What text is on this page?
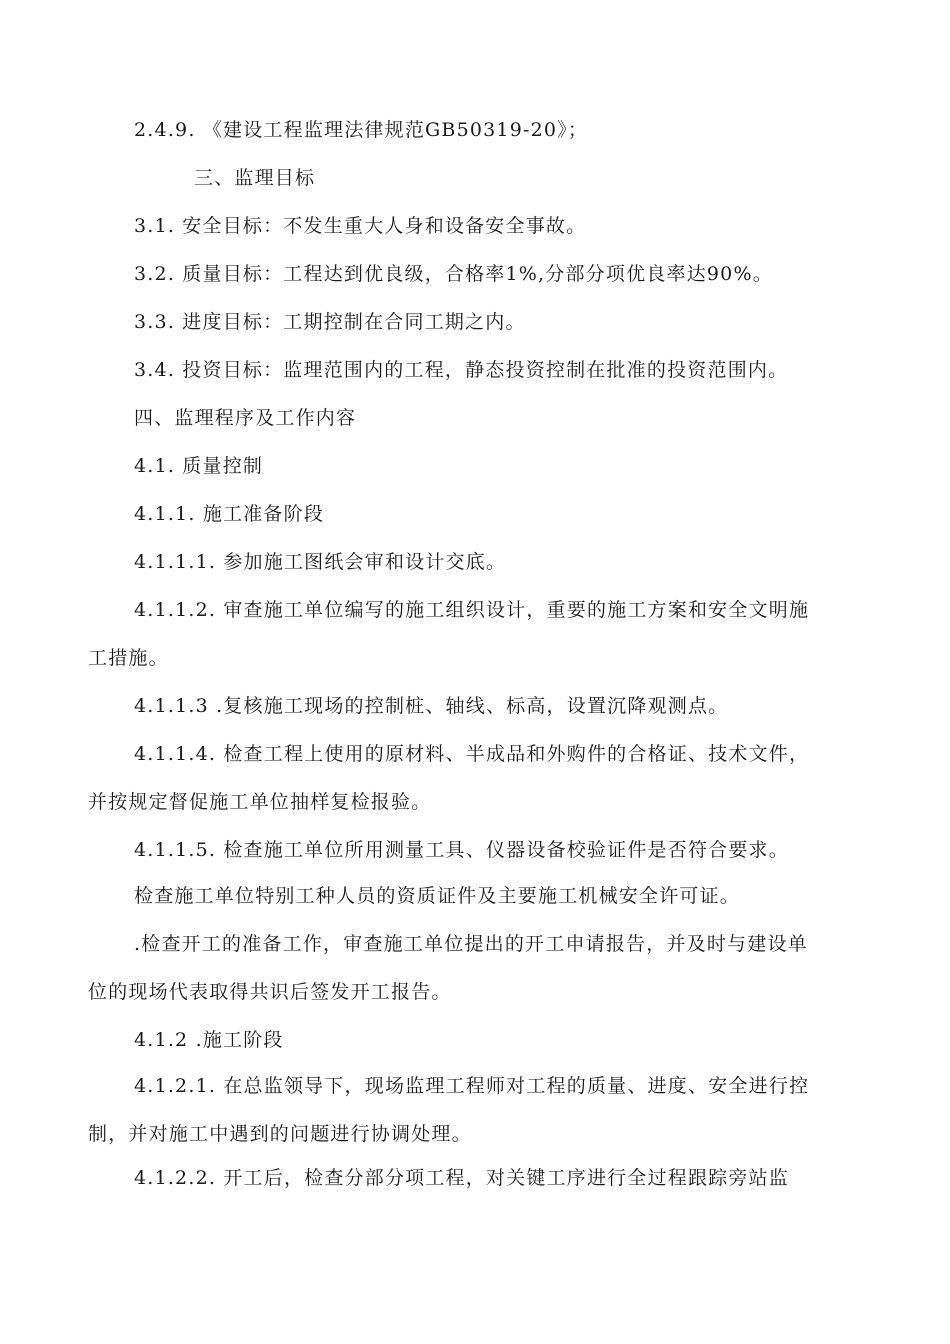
2.4.9. 《建设工程监理法律规范GB50319-20》；
三、监理目标
3.1. 安全目标：不发生重大人身和设备安全事故。
3.2. 质量目标：工程达到优良级，合格率1%,分部分项优良率达90%。
3.3. 进度目标：工期控制在合同工期之内。
3.4. 投资目标：监理范围内的工程，静态投资控制在批准的投资范围内。
四、监理程序及工作内容
4.1. 质量控制
4.1.1. 施工准备阶段
4.1.1.1. 参加施工图纸会审和设计交底。
4.1.1.2. 审查施工单位编写的施工组织设计，重要的施工方案和安全文明施
工措施。
4.1.1.3 .复核施工现场的控制桩、轴线、标高，设置沉降观测点。
4.1.1.4. 检查工程上使用的原材料、半成品和外购件的合格证、技术文件，
并按规定督促施工单位抽样复检报验。
4.1.1.5. 检查施工单位所用测量工具、仪器设备校验证件是否符合要求。
检查施工单位特别工种人员的资质证件及主要施工机械安全许可证。
.检查开工的准备工作，审查施工单位提出的开工申请报告，并及时与建设单
位的现场代表取得共识后签发开工报告。
4.1.2 .施工阶段
4.1.2.1. 在总监领导下，现场监理工程师对工程的质量、进度、安全进行控
制，并对施工中遇到的问题进行协调处理。
4.1.2.2. 开工后，检查分部分项工程，对关键工序进行全过程跟踪旁站监
